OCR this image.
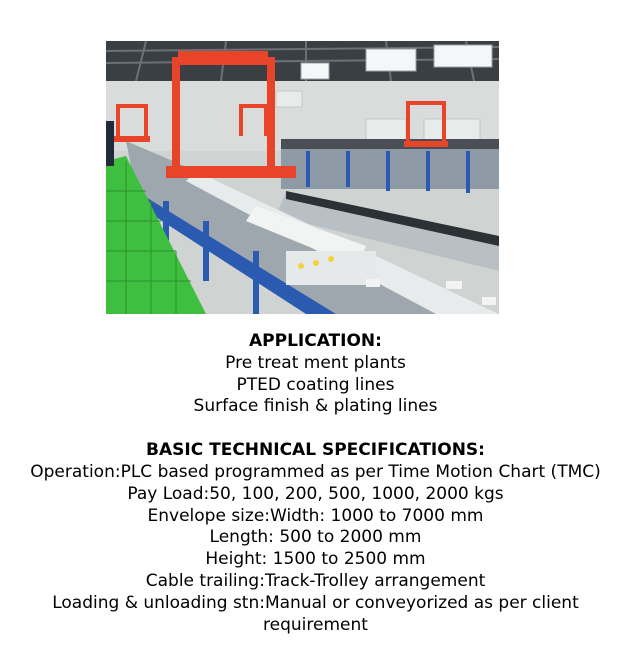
APPLICATION:
Pre treat ment plants
PTED coating lines
Surface finish & plating lines
BASIC TECHNICAL SPECIFICATIONS:
Operation:PLC based programmed as per Time Motion Chart (TMC)
Pay Load:50, 100, 200, 500, 1000, 2000 kgs
Envelope size:Width: 1000 to 7000 mm
Length: 500 to 2000 mm
Height: 1500 to 2500 mm
Cable trailing:Track-Trolley arrangement
Loading & unloading stn:Manual or conveyorized as per client
requirement
